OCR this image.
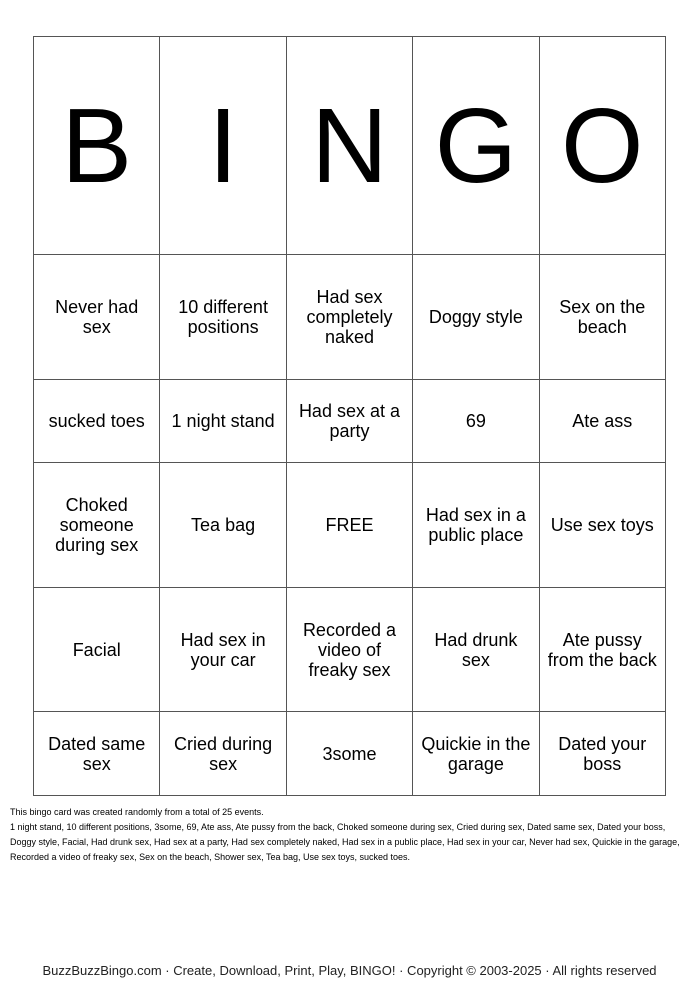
B	I	N	G	O
Never had sex	10 different positions	Had sex completely naked	Doggy style	Sex on the beach
sucked toes	1 night stand	Had sex at a party	69	Ate ass
Choked someone during sex	Tea bag	FREE	Had sex in a public place	Use sex toys
Facial	Had sex in your car	Recorded a video of freaky sex	Had drunk sex	Ate pussy from the back
Dated same sex	Cried during sex	3some	Quickie in the garage	Dated your boss

This bingo card was created randomly from a total of 25 events.

1 night stand, 10 different positions, 3some, 69, Ate ass, Ate pussy from the back, Choked someone during sex, Cried during sex, Dated same sex, Dated your boss, Doggy style, Facial, Had drunk sex, Had sex at a party, Had sex completely naked, Had sex in a public place, Had sex in your car, Never had sex, Quickie in the garage, Recorded a video of freaky sex, Sex on the beach, Shower sex, Tea bag, Use sex toys, sucked toes.

BuzzBuzzBingo.com · Create, Download, Print, Play, BINGO! · Copyright © 2003-2025 · All rights reserved
